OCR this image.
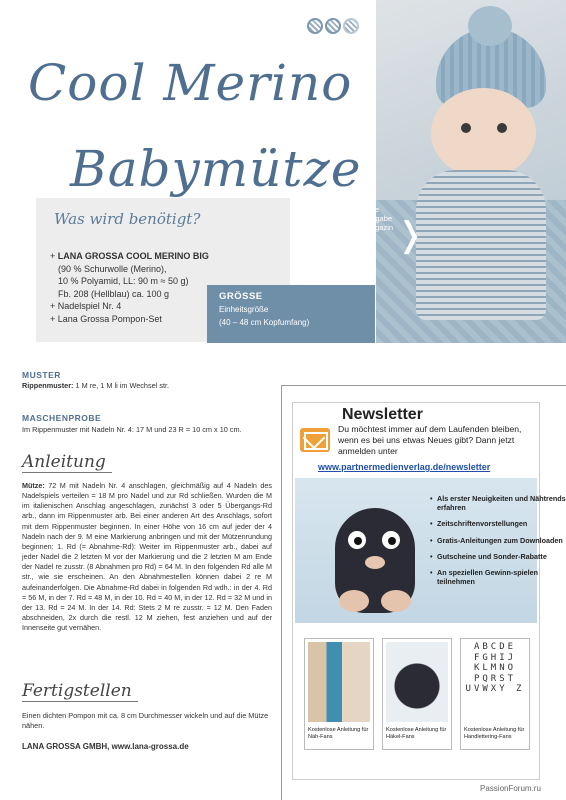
Cool Merino
Babymütze
Die passende Häkeldecke finden Sie in unserer Ausgabe "Häkeln das Maschenmagazin Nr. 41" EVT: 04.11.2023 ❭
Was wird benötigt?
+ LANA GROSSA COOL MERINO BIG
(90 % Schurwolle (Merino),
10 % Polyamid, LL: 90 m ≈ 50 g)
Fb. 208 (Hellblau) ca. 100 g
+ Nadelspiel Nr. 4
+ Lana Grossa Pompon-Set
GRÖSSE
Einheitsgröße
(40 – 48 cm Kopfumfang)
MUSTER
Rippenmuster: 1 M re, 1 M li im Wechsel str.
MASCHENPROBE
Im Rippenmuster mit Nadeln Nr. 4: 17 M und 23 R = 10 cm x 10 cm.
Anleitung
Mütze: 72 M mit Nadeln Nr. 4 anschlagen, gleichmäßig auf 4 Nadeln des Nadelspiels verteilen = 18 M pro Nadel und zur Rd schließen. Wurden die M im italienischen Anschlag angeschlagen, zunächst 3 oder 5 Übergangs-Rd arb., dann im Rippenmuster arb. Bei einer anderen Art des Anschlags, sofort mit dem Rippenmuster beginnen. In einer Höhe von 16 cm auf jeder der 4 Nadeln nach der 9. M eine Markierung anbringen und mit der Mützenrundung beginnen: 1. Rd (= Abnahme-Rd): Weiter im Rippenmuster arb., dabei auf jeder Nadel die 2 letzten M vor der Markierung und die 2 letzten M am Ende der Nadel re zusstr. (8 Abnahmen pro Rd) = 64 M. In den folgenden Rd alle M str., wie sie erscheinen. An den Abnahmestellen können dabei 2 re M aufeinanderfolgen. Die Abnahme-Rd dabei in folgenden Rd wdh.: in der 4. Rd = 56 M, in der 7. Rd = 48 M, in der 10. Rd = 40 M, in der 12. Rd = 32 M und in der 13. Rd = 24 M. In der 14. Rd: Stets 2 M re zusstr. = 12 M. Den Faden abschneiden, 2x durch die restl. 12 M ziehen, fest anziehen und auf der Innenseite gut vernähen.
Fertigstellen
Einen dichten Pompon mit ca. 8 cm Durchmesser wickeln und auf die Mütze nähen.
LANA GROSSA GMBH, www.lana-grossa.de
Newsletter
Du möchtest immer auf dem Laufenden bleiben, wenn es bei uns etwas Neues gibt? Dann jetzt anmelden unter
www.partnermedienverlag.de/newsletter
• Als erster Neuigkeiten und Nähtrends erfahren
• Zeitschriftenvorstellungen
• Gratis-Anleitungen zum Downloaden
• Gutscheine und Sonder-Rabatte
• An speziellen Gewinn-spielen teilnehmen
Kostenlose Anleitung für Näh-Fans
Kostenlose Anleitung für Häkel-Fans
ABCDE FGHIJ KLMNO PQRST UVWXY Z
Kostenlose Anleitung für Handlettering-Fans
PassionForum.ru
